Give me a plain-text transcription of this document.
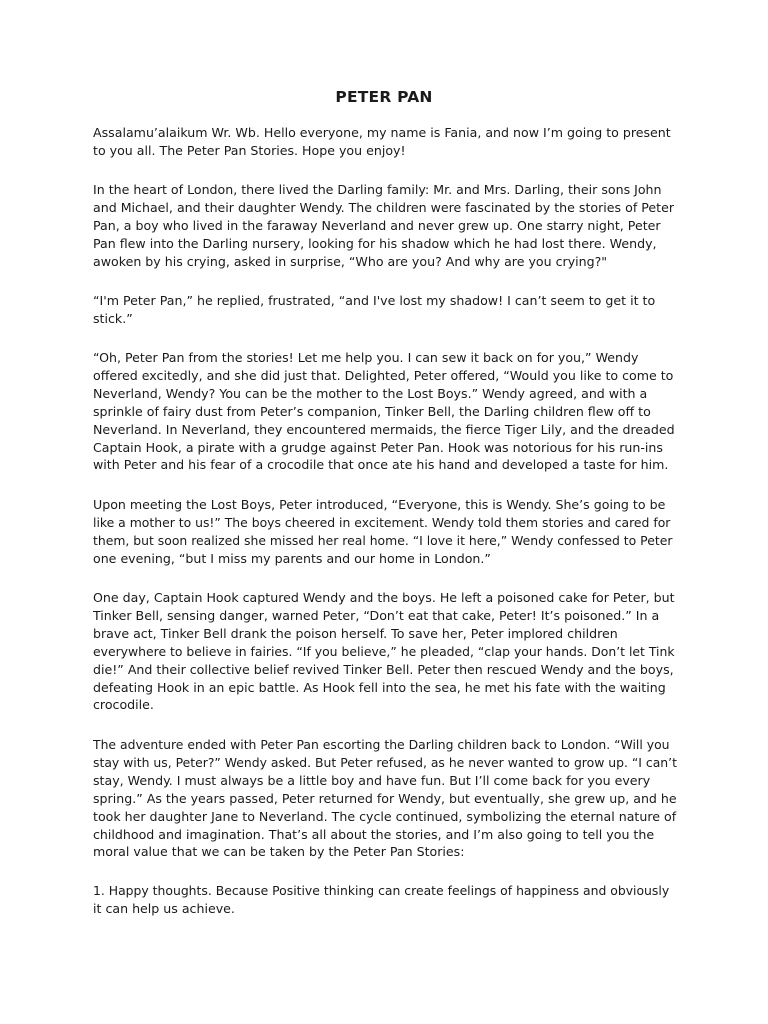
PETER PAN

Assalamu’alaikum Wr. Wb. Hello everyone, my name is Fania, and now I’m going to present
to you all. The Peter Pan Stories. Hope you enjoy!

In the heart of London, there lived the Darling family: Mr. and Mrs. Darling, their sons John
and Michael, and their daughter Wendy. The children were fascinated by the stories of Peter
Pan, a boy who lived in the faraway Neverland and never grew up. One starry night, Peter
Pan flew into the Darling nursery, looking for his shadow which he had lost there. Wendy,
awoken by his crying, asked in surprise, “Who are you? And why are you crying?"

“I'm Peter Pan,” he replied, frustrated, “and I've lost my shadow! I can’t seem to get it to
stick.”

“Oh, Peter Pan from the stories! Let me help you. I can sew it back on for you,” Wendy
offered excitedly, and she did just that. Delighted, Peter offered, “Would you like to come to
Neverland, Wendy? You can be the mother to the Lost Boys.” Wendy agreed, and with a
sprinkle of fairy dust from Peter’s companion, Tinker Bell, the Darling children flew off to
Neverland. In Neverland, they encountered mermaids, the fierce Tiger Lily, and the dreaded
Captain Hook, a pirate with a grudge against Peter Pan. Hook was notorious for his run-ins
with Peter and his fear of a crocodile that once ate his hand and developed a taste for him.

Upon meeting the Lost Boys, Peter introduced, “Everyone, this is Wendy. She’s going to be
like a mother to us!” The boys cheered in excitement. Wendy told them stories and cared for
them, but soon realized she missed her real home. “I love it here,” Wendy confessed to Peter
one evening, “but I miss my parents and our home in London.”

One day, Captain Hook captured Wendy and the boys. He left a poisoned cake for Peter, but
Tinker Bell, sensing danger, warned Peter, “Don’t eat that cake, Peter! It’s poisoned.” In a
brave act, Tinker Bell drank the poison herself. To save her, Peter implored children
everywhere to believe in fairies. “If you believe,” he pleaded, “clap your hands. Don’t let Tink
die!” And their collective belief revived Tinker Bell. Peter then rescued Wendy and the boys,
defeating Hook in an epic battle. As Hook fell into the sea, he met his fate with the waiting
crocodile.

The adventure ended with Peter Pan escorting the Darling children back to London. “Will you
stay with us, Peter?” Wendy asked. But Peter refused, as he never wanted to grow up. “I can’t
stay, Wendy. I must always be a little boy and have fun. But I’ll come back for you every
spring.” As the years passed, Peter returned for Wendy, but eventually, she grew up, and he
took her daughter Jane to Neverland. The cycle continued, symbolizing the eternal nature of
childhood and imagination. That’s all about the stories, and I’m also going to tell you the
moral value that we can be taken by the Peter Pan Stories:

1. Happy thoughts. Because Positive thinking can create feelings of happiness and obviously
it can help us achieve.
